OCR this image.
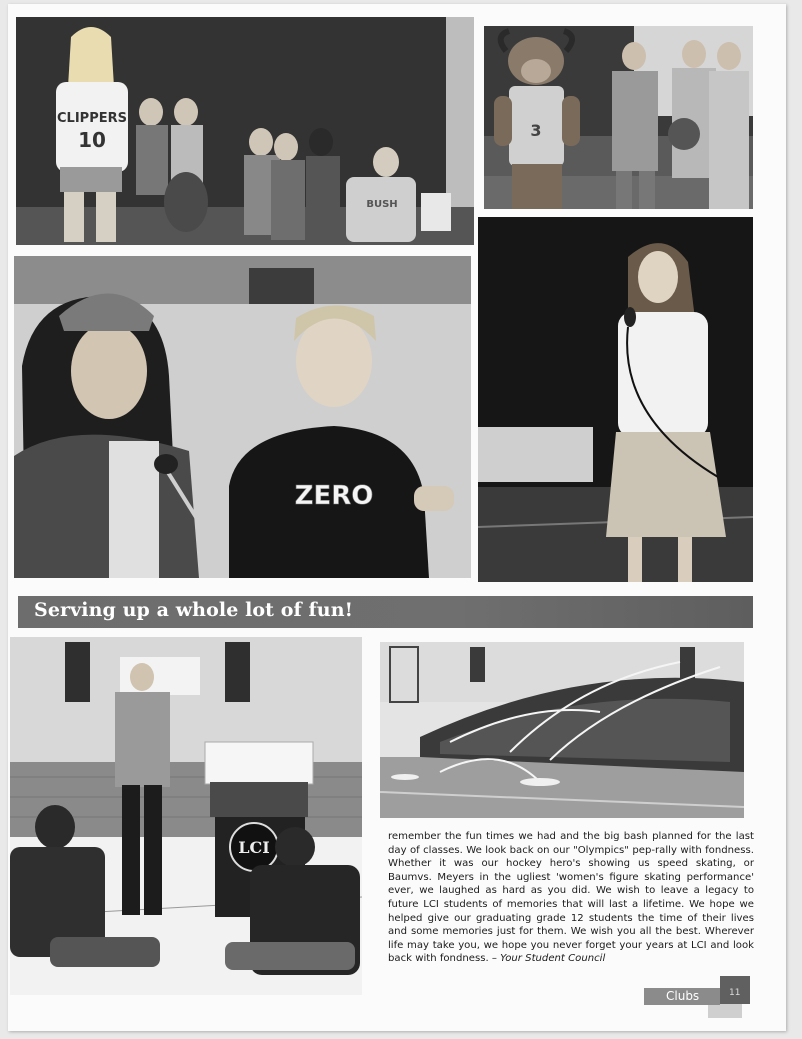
CLIPPERS
10
BUSH
3
ZERO
Serving up a whole lot of fun!
LCI
remember the fun times we had and the big bash planned for the last day of classes. We look back on our "Olympics" pep-rally with fondness. Whether it was our hockey hero's showing us speed skating, or Baumvs. Meyers in the ugliest 'women's figure skating performance' ever, we laughed as hard as you did. We wish to leave a legacy to future LCI students of memories that will last a lifetime. We hope we helped give our graduating grade 12 students the time of their lives and some memories just for them. We wish you all the best. Wherever life may take you, we hope you never forget your years at LCI and look back with fondness. – Your Student Council
Clubs	11
